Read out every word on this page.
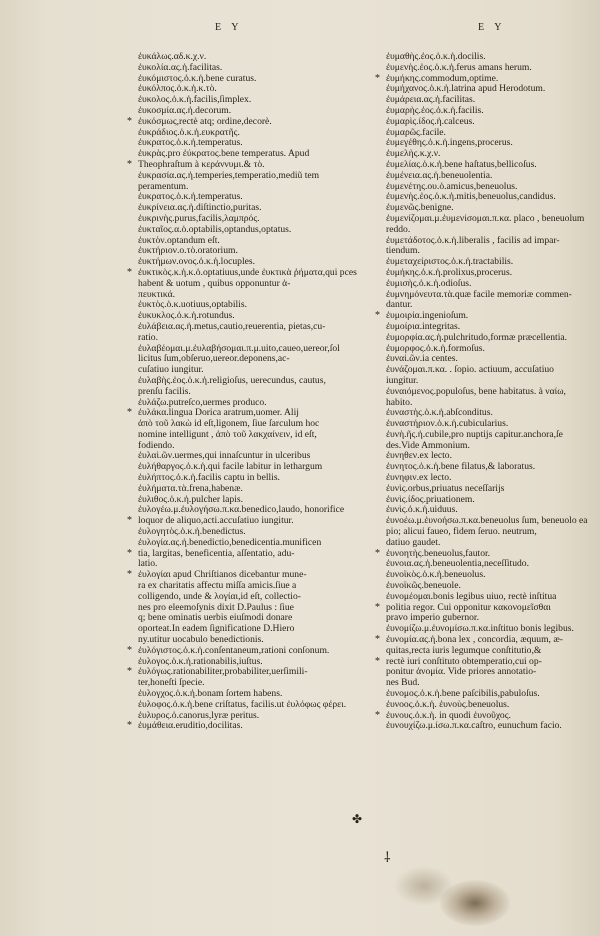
E Y	E Y
ἐυκάλως.αδ.κ.χ.ν.
ἐυκολία.ας.ἡ.facilitas.
ἐυκόμιστος.ὁ.κ.ἡ.bene curatus.
ἐυκόλπος.ὁ.κ.ἡ.κ.τὸ.
ἐυκολος.ὁ.κ.ἡ.facilis,ſimplex.
ἐυκοσμία.ας.ἡ.decorum.
* ἐυκόσμως,rectè atq; ordine,decorè.
ἐυκράδιος.ὁ.κ.ἡ.ευκρατῆς.
ἐυκρατος.ὁ.κ.ἡ.temperatus.
ἐυκρὰς.pro ἐύκρατος.bene temperatus. Apud
* Theophraſtum à κεράννυμι.& τὸ.
ἐυκρασία.ας.ἡ.temperies,temperatio,mediũ tem
peramentum.
ἐυκρατος.ὁ.κ.ἡ.temperatus.
ἐυκρίνεια.ας.ἡ.diſtinctio,puritas.
ἐυκρινὴς.purus,facilis,λαμπρός.
ἐυκταῖος.α.ὁ.optabilis,optandus,optatus.
ἐυκτὸν.optandum eſt.
ἐυκτήριον.ο.τὸ.oratorium.
ἐυκτήμων.ονος.ὁ.κ.ἡ.locuples.
* ἐυκτικὸς.κ.ἡ.κ.ὁ.optatiuus,unde ἐυκτικὰ ῥήματα,qui pces
habent & uotum , quibus opponuntur ἀ-
πευκτικά.
ἐυκτὸς.ὁ.κ.uotiuus,optabilis.
ἐυκυκλος.ὁ.κ.ἡ.rotundus.
ἐυλάβεια.ας.ἡ.metus,cautio,reuerentia, pietas,cu-
ratio.
ἐυλαβέομαι.μ.ἐυλαβήσομαι.π.μ.uito,caueo,uereor,ſol
licitus ſum,obſeruo,uereor.deponens,ac-
cuſatiuo iungitur.
ἐυλαβὴς.ἐος.ὁ.κ.ἡ.religioſus, uerecundus, cautus,
prenſu facilis.
ἐυλάζω.putreſco,uermes produco.
* ἐυλάκα.lingua Dorica aratrum,uomer. Alij
ἀπὸ τοῦ λακὼ id eſt,ligonem, ſiue ſarculum hoc
nomine intelligunt , ἀπὸ τοῦ λακχαίνειν, id eſt,
fodiendo.
ἐυλαὶ.ῶν.uermes,qui innaſcuntur in ulceribus
ἐυλήθαργος.ὁ.κ.ἡ.qui facile labitur in lethargum
ἐυλήπτος.ὁ.κ.ἡ.facilis captu in bellis.
ἐυλήματα.τὰ.frena,habenæ.
ἐυλιθος.ὁ.κ.ἡ.pulcher lapis.
ἐυλογέω.μ.ἐυλογήσω.π.κα.benedico,laudo, honorifice
* loquor de aliquo,acti.accuſatiuo iungitur.
ἐυλογητὸς.ὁ.κ.ἡ.benedictus.
ἐυλογία.ας.ἡ.benedictio,benedicentia.munificen
* tia, largitas, beneficentia, aſſentatio, adu-
latio.
* ἐυλογίαι apud Chriſtianos dicebantur mune-
ra ex charitatis affectu miſſa amicis.ſiue a
colligendo, unde & λογίαι,id eſt, collectio-
nes pro eleemoſynis dixit D.Paulus : ſiue
q; bene ominatis uerbis eiuſmodi donare
oporteat.In eadem ſignificatione D.Hiero
ny.utitur uocabulo benedictionis.
* ἐυλόγιστος.ὁ.κ.ἡ.conſentaneum,rationi conſonum.
ἐυλογος.ὁ.κ.ἡ.rationabilis,iuſtus.
* ἐυλόγως.rationabiliter,probabiliter,uerſimili-
ter,honeſti ſpecie.
ἐυλογχος.ὁ.κ.ἡ.bonam ſortem habens.
ἐυλοφος.ὁ.κ.ἡ.bene criſtatus, facilis.ut ἐυλόφως φέρει.
ἐυλυρος.ὁ.canorus,lyræ peritus.
* ἐυμάθεια.eruditio,docilitas.
ἐυμαθὴς.ἐος.ὁ.κ.ἡ.docilis.
ἐυμενὴς.ἐος.ὁ.κ.ἡ.ferus amans herum.
* ἐυμήκης.commodum,optime.
ἐυμήχανος.ὁ.κ.ἡ.latrina apud Herodotum.
ἐυμάρεια.ας.ἡ.facilitas.
ἐυμαρὴς.ἐος.ὁ.κ.ἡ.facilis.
ἐυμαρὶς.ίδος.ἡ.calceus.
ἐυμαρῶς.facile.
ἐυμεγέθης.ὁ.κ.ἡ.ingens,procerus.
ἐυμελὴς.κ.χ.ν.
ἐυμελίας.ὁ.κ.ἡ.bene haſtatus,bellicoſus.
ἐυμένεια.ας.ἡ.beneuolentia.
ἐυμενέτης.ου.ὁ.amicus,beneuolus.
ἐυμενὴς.ἐος.ὁ.κ.ἡ.mitis,beneuolus,candidus.
ἐυμενῶς.benigne.
ἐυμενίζομαι.μ.ἐυμενίσομαι.π.κα. placo , beneuolum
reddo.
ἐυμετάδοτος.ὁ.κ.ἡ.liberalis , facilis ad impar-
tiendum.
ἐυμεταχείριστος.ὁ.κ.ἡ.tractabilis.
ἐυμήκης.ὁ.κ.ἡ.prolixus,procerus.
ἐυμισὴς.ὁ.κ.ἡ.odioſus.
ἐυμνημόνευτα.τὰ.quæ facile memoriæ commen-
dantur.
* ἐυμοιρία.ingenioſum.
ἐυμοίρια.integritas.
ἐυμορφία.ας.ἡ.pulchritudo,formæ præcellentia.
ἐυμορφος.ὁ.κ.ἡ.formoſus.
ἐυναί.ῶν.ia centes.
ἐυνάζομαι.π.κα. . ſopio. actiuum, accuſatiuo
iungitur.
ἐυναιόμενος.populoſus, bene habitatus. à ναίω,
habito.
ἐυναστὴς.ὁ.κ.ἡ.abſconditus.
ἐυναστήριον.ὁ.κ.ἡ.cubicularius.
ἐυνὴ.ῆς.ἡ.cubile,pro nuptijs capitur.anchora,ſe
des.Vide Ammonium.
ἐυνηθεν.ex lecto.
ἐυνητος.ὁ.κ.ἡ.bene filatus,& laboratus.
ἐυνηφιν.ex lecto.
ἐυνὶς.orbus,priuatus neceſſarijs
ἐυνὶς.ίδος.priuationem.
ἐυνὶς.ὁ.κ.ἡ.uiduus.
ἐυνοέω.μ.ἐυνοήσω.π.κα.beneuolus ſum, beneuolo ea
pio; alicui faueo, fidem ſeruo. neutrum,
datiuo gaudet.
* ἐυνοητὴς.beneuolus,fautor.
ἐυνοια.ας.ἡ.beneuolentia,neceſſitudo.
ἐυνοϊκὸς.ὁ.κ.ἡ.beneuolus.
ἐυνοϊκῶς.beneuole.
ἐυνομέομαι.bonis legibus uiuo, rectè inſtitua
* politia regor. Cui opponitur κακονομεῖσθαι
pravo imperio gubernor.
ἐυνομίζω.μ.ἐυνομίσω.π.κα.inſtituo bonis legibus.
* ἐυνομία.ας.ἡ.bona lex , concordia, æquum, æ-
quitas,recta iuris legumque conſtitutio,&
* rectè iuri conſtituto obtemperatio,cui op-
ponitur ἀνομία. Vide priores annotatio-
nes Bud.
ἐυνομος.ὁ.κ.ἡ.bene paſcibilis,pabuloſus.
ἐυνοος.ὁ.κ.ἡ. ἐυνοὺς.beneuolus.
* ἐυνους.ὁ.κ.ἡ. in quodi ἐυνοῦχος.
ἐυνουχίζω.μ.ίσω.π.κα.caſtro, eunuchum facio.
✤
⸸
